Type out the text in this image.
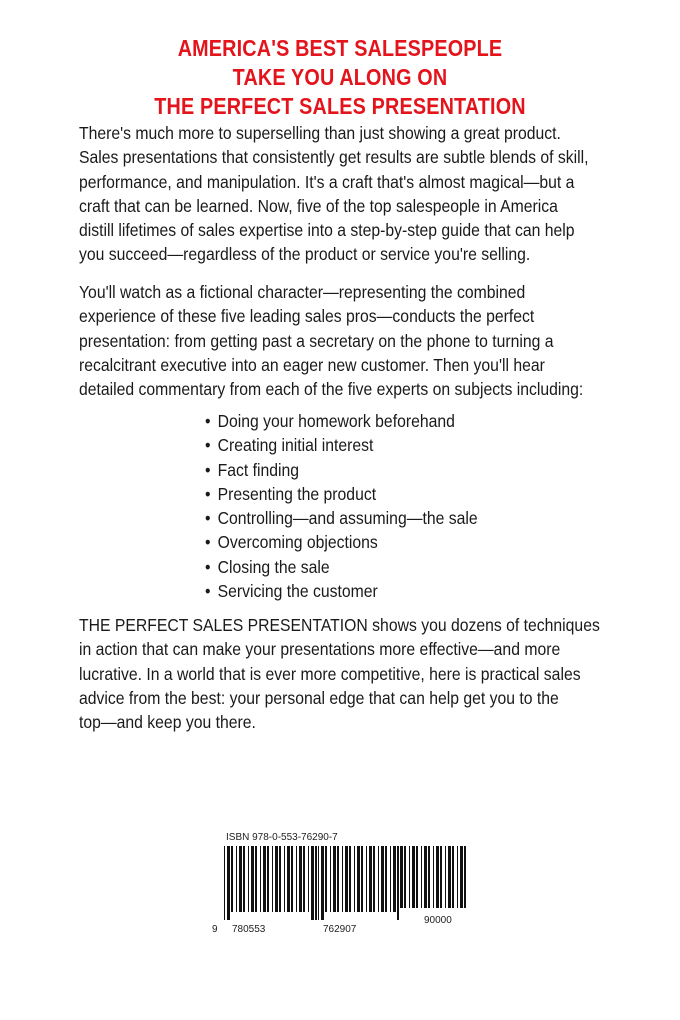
AMERICA'S BEST SALESPEOPLE
TAKE YOU ALONG ON
THE PERFECT SALES PRESENTATION
There's much more to superselling than just showing a great product.
Sales presentations that consistently get results are subtle blends of skill,
performance, and manipulation. It's a craft that's almost magical—but a
craft that can be learned. Now, five of the top salespeople in America
distill lifetimes of sales expertise into a step-by-step guide that can help
you succeed—regardless of the product or service you're selling.
You'll watch as a fictional character—representing the combined
experience of these five leading sales pros—conducts the perfect
presentation: from getting past a secretary on the phone to turning a
recalcitrant executive into an eager new customer. Then you'll hear
detailed commentary from each of the five experts on subjects including:
• Doing your homework beforehand
• Creating initial interest
• Fact finding
• Presenting the product
• Controlling—and assuming—the sale
• Overcoming objections
• Closing the sale
• Servicing the customer
THE PERFECT SALES PRESENTATION shows you dozens of techniques
in action that can make your presentations more effective—and more
lucrative. In a world that is ever more competitive, here is practical sales
advice from the best: your personal edge that can help get you to the
top—and keep you there.
ISBN 978-0-553-76290-7
9 780553	762907
90000
